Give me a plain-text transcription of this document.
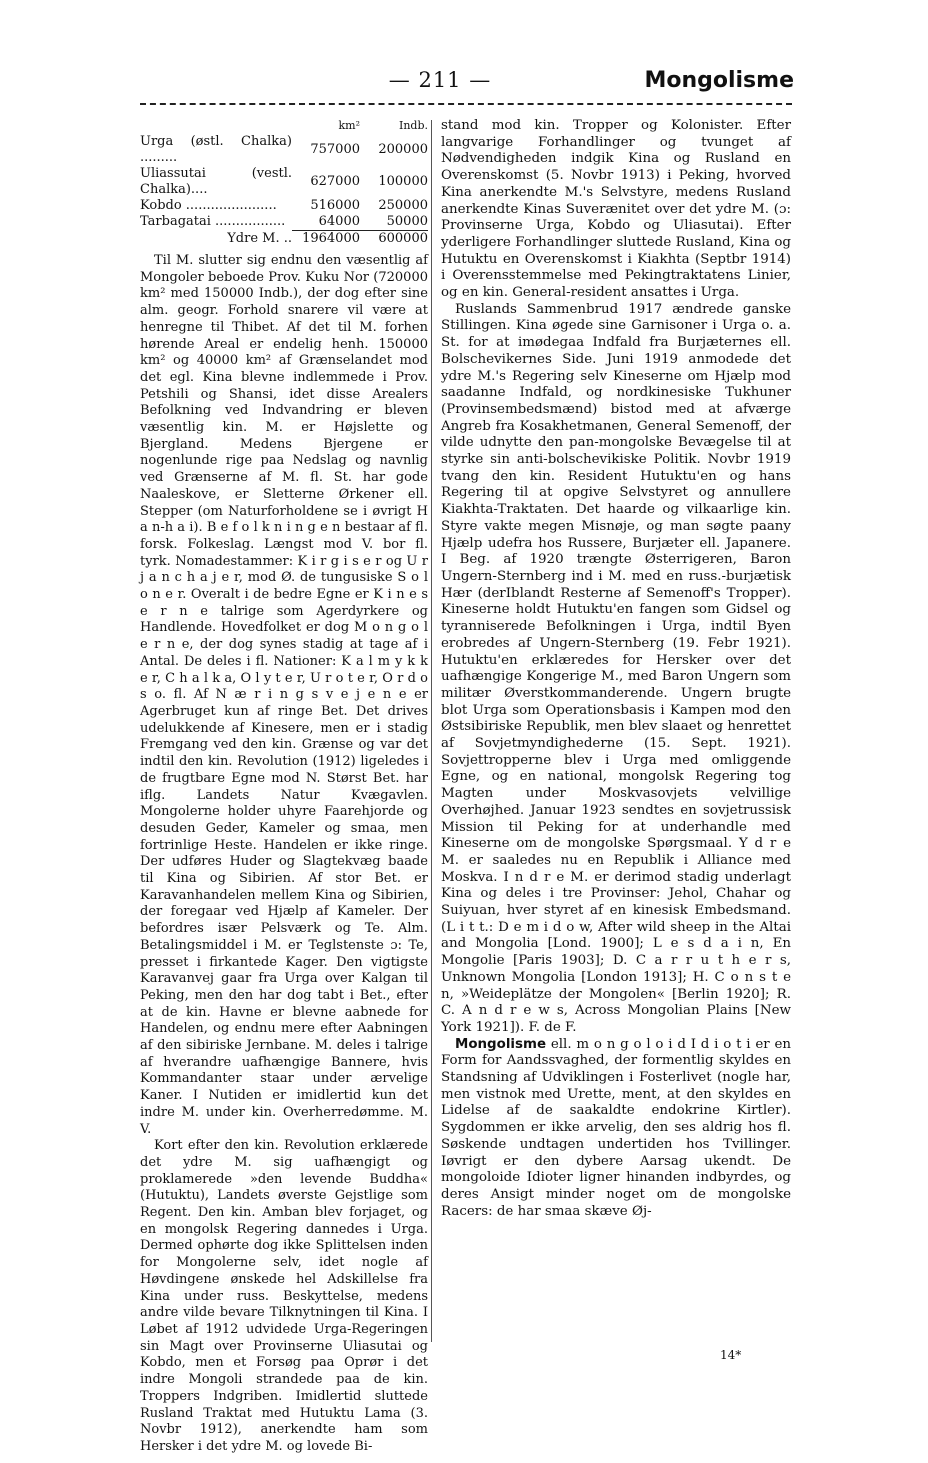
— 211 —	Mongolisme
	km²	Indb.
Urga (østl. Chalka) .........	757000	200000
Uliassutai (vestl. Chalka)....	627000	100000
Kobdo ......................	516000	250000
Tarbagatai .................	64000	50000
Ydre M. ..	1964000	600000

Til M. slutter sig endnu den væsentlig af Mongoler beboede Prov. Kuku Nor (720000 km² med 150000 Indb.), der dog efter sine alm. geogr. Forhold snarere vil være at henregne til Thibet. Af det til M. forhen hørende Areal er endelig henh. 150000 km² og 40000 km² af Grænselandet mod det egl. Kina blevne indlemmede i Prov. Petshili og Shansi, idet disse Arealers Befolkning ved Indvandring er bleven væsentlig kin. M. er Højslette og Bjergland. Medens Bjergene er nogenlunde rige paa Nedslag og navnlig ved Grænserne af M. fl. St. har gode Naaleskove, er Sletterne Ørkener ell. Stepper (om Naturforholdene se i øvrigt H a n-h a i). B e f o l k n i n g e n bestaar af fl. forsk. Folkeslag. Længst mod V. bor fl. tyrk. Nomadestammer: K i r g i s e r og U r j a n c h a j e r, mod Ø. de tungusiske S o l o n e r. Overalt i de bedre Egne er K i n e s e r n e talrige som Agerdyrkere og Handlende. Hovedfolket er dog M o n g o l e r n e, der dog synes stadig at tage af i Antal. De deles i fl. Nationer: K a l m y k k e r, C h a l k a, O l y t e r, U r o t e r, O r d o s o. fl. Af N æ r i n g s v e j e n e er Agerbruget kun af ringe Bet. Det drives udelukkende af Kinesere, men er i stadig Fremgang ved den kin. Grænse og var det indtil den kin. Revolution (1912) ligeledes i de frugtbare Egne mod N. Størst Bet. har iflg. Landets Natur Kvægavlen. Mongolerne holder uhyre Faarehjorde og desuden Geder, Kameler og smaa, men fortrinlige Heste. Handelen er ikke ringe. Der udføres Huder og Slagtekvæg baade til Kina og Sibirien. Af stor Bet. er Karavanhandelen mellem Kina og Sibirien, der foregaar ved Hjælp af Kameler. Der befordres især Pelsværk og Te. Alm. Betalingsmiddel i M. er Teglstenste ɔ: Te, presset i firkantede Kager. Den vigtigste Karavanvej gaar fra Urga over Kalgan til Peking, men den har dog tabt i Bet., efter at de kin. Havne er blevne aabnede for Handelen, og endnu mere efter Aabningen af den sibiriske Jernbane. M. deles i talrige af hverandre uafhængige Bannere, hvis Kommandanter staar under ærvelige Kaner. I Nutiden er imidlertid kun det indre M. under kin. Overherredømme. M. V.

Kort efter den kin. Revolution erklærede det ydre M. sig uafhængigt og proklamerede »den levende Buddha« (Hutuktu), Landets øverste Gejstlige som Regent. Den kin. Amban blev forjaget, og en mongolsk Regering dannedes i Urga. Dermed ophørte dog ikke Splittelsen inden for Mongolerne selv, idet nogle af Høvdingene ønskede hel Adskillelse fra Kina under russ. Beskyttelse, medens andre vilde bevare Tilknytningen til Kina. I Løbet af 1912 udvidede Urga-Regeringen sin Magt over Provinserne Uliasutai og Kobdo, men et Forsøg paa Oprør i det indre Mongoli strandede paa de kin. Troppers Indgriben. Imidlertid sluttede Rusland Traktat med Hutuktu Lama (3. Novbr 1912), anerkendte ham som Hersker i det ydre M. og lovede Bi-

stand mod kin. Tropper og Kolonister. Efter langvarige Forhandlinger og tvunget af Nødvendigheden indgik Kina og Rusland en Overenskomst (5. Novbr 1913) i Peking, hvorved Kina anerkendte M.'s Selvstyre, medens Rusland anerkendte Kinas Suverænitet over det ydre M. (ɔ: Provinserne Urga, Kobdo og Uliasutai). Efter yderligere Forhandlinger sluttede Rusland, Kina og Hutuktu en Overenskomst i Kiakhta (Septbr 1914) i Overensstemmelse med Pekingtraktatens Linier, og en kin. General-resident ansattes i Urga.

Ruslands Sammenbrud 1917 ændrede ganske Stillingen. Kina øgede sine Garnisoner i Urga o. a. St. for at imødegaa Indfald fra Burjæternes ell. Bolschevikernes Side. Juni 1919 anmodede det ydre M.'s Regering selv Kineserne om Hjælp mod saadanne Indfald, og nordkinesiske Tukhuner (Provinsembedsmænd) bistod med at afværge Angreb fra Kosakhetmanen, General Semenoff, der vilde udnytte den pan-mongolske Bevægelse til at styrke sin anti-bolschevikiske Politik. Novbr 1919 tvang den kin. Resident Hutuktu'en og hans Regering til at opgive Selvstyret og annullere Kiakhta-Traktaten. Det haarde og vilkaarlige kin. Styre vakte megen Misnøje, og man søgte paany Hjælp udefra hos Russere, Burjæter ell. Japanere. I Beg. af 1920 trængte Østerrigeren, Baron Ungern-Sternberg ind i M. med en russ.-burjætisk Hær (derIblandt Resterne af Semenoff's Tropper). Kineserne holdt Hutuktu'en fangen som Gidsel og tyranniserede Befolkningen i Urga, indtil Byen erobredes af Ungern-Sternberg (19. Febr 1921). Hutuktu'en erklæredes for Hersker over det uafhængige Kongerige M., med Baron Ungern som militær Øverstkommanderende. Ungern brugte blot Urga som Operationsbasis i Kampen mod den Østsibiriske Republik, men blev slaaet og henrettet af Sovjetmyndighederne (15. Sept. 1921). Sovjettropperne blev i Urga med omliggende Egne, og en national, mongolsk Regering tog Magten under Moskvasovjets velvillige Overhøjhed. Januar 1923 sendtes en sovjetrussisk Mission til Peking for at underhandle med Kineserne om de mongolske Spørgsmaal. Y d r e M. er saaledes nu en Republik i Alliance med Moskva. I n d r e M. er derimod stadig underlagt Kina og deles i tre Provinser: Jehol, Chahar og Suiyuan, hver styret af en kinesisk Embedsmand. (L i t t.: D e m i d o w, After wild sheep in the Altai and Mongolia [Lond. 1900]; L e s d a i n, En Mongolie [Paris 1903]; D. C a r r u t h e r s, Unknown Mongolia [London 1913]; H. C o n s t e n, »Weideplätze der Mongolen« [Berlin 1920]; R. C. A n d r e w s, Across Mongolian Plains [New York 1921]). F. de F.

Mongolisme ell. m o n g o l o i d I d i o t i er en Form for Aandssvaghed, der formentlig skyldes en Standsning af Udviklingen i Fosterlivet (nogle har, men vistnok med Urette, ment, at den skyldes en Lidelse af de saakaldte endokrine Kirtler). Sygdommen er ikke arvelig, den ses aldrig hos fl. Søskende undtagen undertiden hos Tvillinger. Iøvrigt er den dybere Aarsag ukendt. De mongoloide Idioter ligner hinanden indbyrdes, og deres Ansigt minder noget om de mongolske Racers: de har smaa skæve Øj-

14*
